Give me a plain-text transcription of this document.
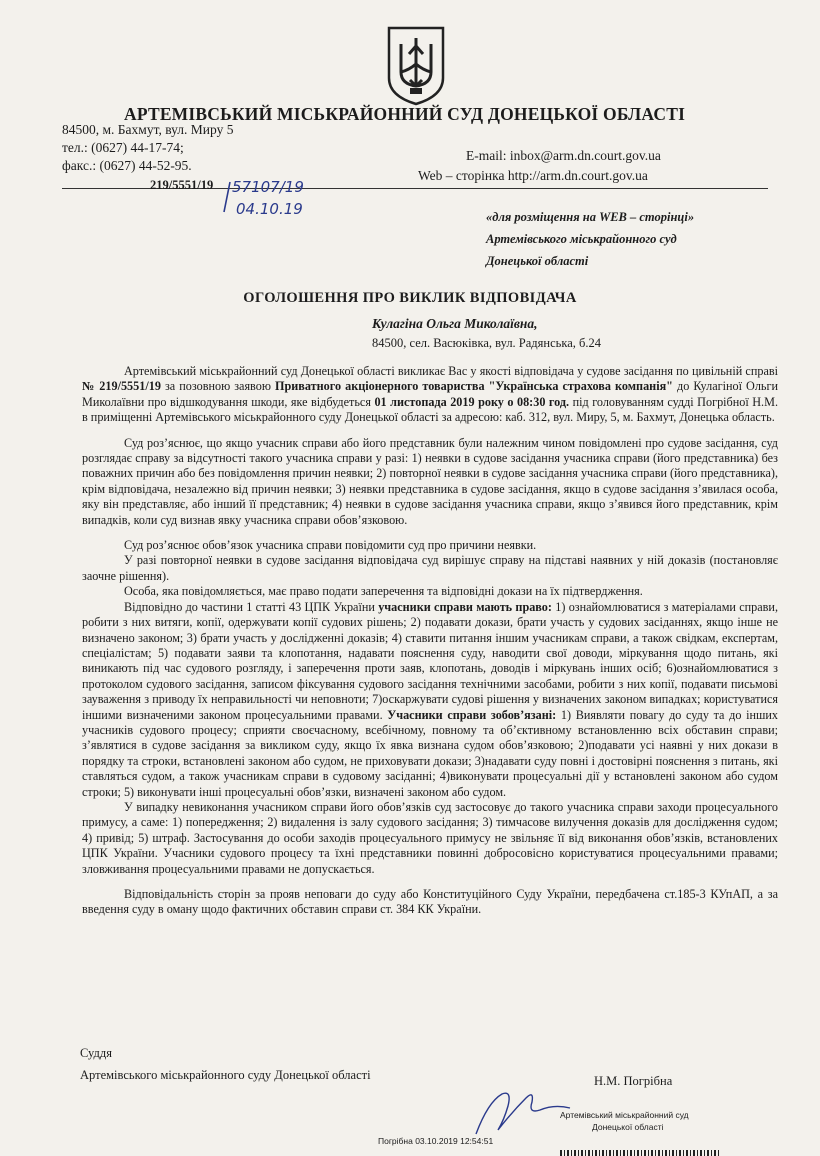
АРТЕМІВСЬКИЙ МІСЬКРАЙОННИЙ СУД ДОНЕЦЬКОЇ ОБЛАСТІ
84500, м. Бахмут, вул. Миру 5
тел.: (0627) 44-17-74;
факс.: (0627) 44-52-95.
E-mail: inbox@arm.dn.court.gov.ua
Web – сторінка http://arm.dn.court.gov.ua
219/5551/19 57107/19
04.10.19	«для розміщення на WEB – сторінці»
Артемівського міськрайонного суд
Донецької області
ОГОЛОШЕННЯ ПРО ВИКЛИК ВІДПОВІДАЧА
Кулагіна Ольга Миколаївна,
84500, сел. Васюківка, вул. Радянська, б.24

Артемівський міськрайонний суд Донецької області викликає Вас у якості відповідача у судове засідання по цивільній справі № 219/5551/19 за позовною заявою Приватного акціонерного товариства "Українська страхова компанія" до Кулагіної Ольги Миколаївни про відшкодування шкоди, яке відбудеться 01 листопада 2019 року о 08:30 год. під головуванням судді Погрібної Н.М. в приміщенні Артемівського міськрайонного суду Донецької області за адресою: каб. 312, вул. Миру, 5, м. Бахмут, Донецька область.

Суд роз’яснює, що якщо учасник справи або його представник були належним чином повідомлені про судове засідання, суд розглядає справу за відсутності такого учасника справи у разі: 1) неявки в судове засідання учасника справи (його представника) без поважних причин або без повідомлення причин неявки; 2) повторної неявки в судове засідання учасника справи (його представника), крім відповідача, незалежно від причин неявки; 3) неявки представника в судове засідання, якщо в судове засідання з’явилася особа, яку він представляє, або інший її представник; 4) неявки в судове засідання учасника справи, якщо з’явився його представник, крім випадків, коли суд визнав явку учасника справи обов’язковою.

Суд роз’яснює обов’язок учасника справи повідомити суд про причини неявки.

У разі повторної неявки в судове засідання відповідача суд вирішує справу на підставі наявних у ній доказів (постановляє заочне рішення).

Особа, яка повідомляється, має право подати заперечення та відповідні докази на їх підтвердження.

Відповідно до частини 1 статті 43 ЦПК України учасники справи мають право: 1) ознайомлюватися з матеріалами справи, робити з них витяги, копії, одержувати копії судових рішень; 2) подавати докази, брати участь у судових засіданнях, якщо інше не визначено законом; 3) брати участь у дослідженні доказів; 4) ставити питання іншим учасникам справи, а також свідкам, експертам, спеціалістам; 5) подавати заяви та клопотання, надавати пояснення суду, наводити свої доводи, міркування щодо питань, які виникають під час судового розгляду, і заперечення проти заяв, клопотань, доводів і міркувань інших осіб; 6)ознайомлюватися з протоколом судового засідання, записом фіксування судового засідання технічними засобами, робити з них копії, подавати письмові зауваження з приводу їх неправильності чи неповноти; 7)оскаржувати судові рішення у визначених законом випадках; користуватися іншими визначеними законом процесуальними правами. Учасники справи зобов’язані: 1) Виявляти повагу до суду та до інших учасників судового процесу; сприяти своєчасному, всебічному, повному та об’єктивному встановленню всіх обставин справи; з’являтися в судове засідання за викликом суду, якщо їх явка визнана судом обов’язковою; 2)подавати усі наявні у них докази в порядку та строки, встановлені законом або судом, не приховувати докази; 3)надавати суду повні і достовірні пояснення з питань, які ставляться судом, а також учасникам справи в судовому засіданні; 4)виконувати процесуальні дії у встановлені законом або судом строки; 5) виконувати інші процесуальні обов’язки, визначені законом або судом.

У випадку невиконання учасником справи його обов’язків суд застосовує до такого учасника справи заходи процесуального примусу, а саме: 1) попередження; 2) видалення із залу судового засідання; 3) тимчасове вилучення доказів для дослідження судом; 4) привід; 5) штраф. Застосування до особи заходів процесуального примусу не звільняє її від виконання обов’язків, встановлених ЦПК України. Учасники судового процесу та їхні представники повинні добросовісно користуватися процесуальними правами; зловживання процесуальними правами не допускається.

Відповідальність сторін за прояв неповаги до суду або Конституційного Суду України, передбачена ст.185-3 КУпАП, а за введення суду в оману щодо фактичних обставин справи ст. 384 КК України.

Суддя
Артемівського міськрайонного суду Донецької області	Н.М. Погрібна
Артемівський міськрайонний суд
Донецької області
Погрібна 03.10.2019 12:54:51
